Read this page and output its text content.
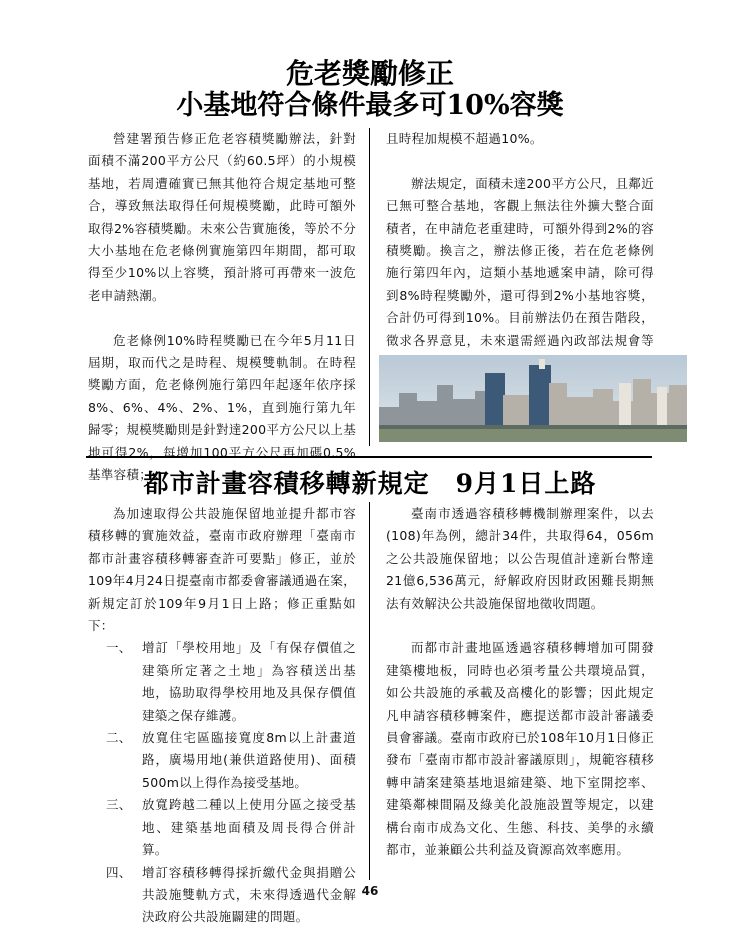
危老獎勵修正
小基地符合條件最多可10%容獎

營建署預告修正危老容積獎勵辦法，針對面積不滿200平方公尺（約60.5坪）的小規模基地，若周遭確實已無其他符合規定基地可整合，導致無法取得任何規模獎勵，此時可額外取得2%容積獎勵。未來公告實施後，等於不分大小基地在危老條例實施第四年期間，都可取得至少10%以上容獎，預計將可再帶來一波危老申請熱潮。

危老條例10%時程獎勵已在今年5月11日屆期，取而代之是時程、規模雙軌制。在時程獎勵方面，危老條例施行第四年起逐年依序採8%、6%、4%、2%、1%，直到施行第九年歸零；規模獎勵則是針對達200平方公尺以上基地可得2%，每增加100平方公尺再加碼0.5%基準容積；

且時程加規模不超過10%。

辦法規定，面積未達200平方公尺，且鄰近已無可整合基地，客觀上無法往外擴大整合面積者，在申請危老重建時，可額外得到2%的容積獎勵。換言之，辦法修正後，若在危老條例施行第四年內，這類小基地遞案申請，除可得到8%時程獎勵外，還可得到2%小基地容獎，合計仍可得到10%。目前辦法仍在預告階段，徵求各界意見，未來還需經過內政部法規會等

都市計畫容積移轉新規定　9月1日上路

為加速取得公共設施保留地並提升都市容積移轉的實施效益，臺南市政府辦理「臺南市都市計畫容積移轉審查許可要點」修正，並於109年4月24日提臺南市都委會審議通過在案，新規定訂於109年9月1日上路；修正重點如下：

一、 增訂「學校用地」及「有保存價值之建築所定著之土地」為容積送出基地，協助取得學校用地及具保存價值建築之保存維護。
二、 放寬住宅區臨接寬度8m以上計畫道路，廣場用地(兼供道路使用)、面積500m以上得作為接受基地。
三、 放寬跨越二種以上使用分區之接受基地、建築基地面積及周長得合併計算。
四、 增訂容積移轉得採折繳代金與捐贈公共設施雙軌方式，未來得透過代金解決政府公共設施闢建的問題。

臺南市透過容積移轉機制辦理案件，以去(108)年為例，總計34件，共取得64，056m之公共設施保留地；以公告現值計達新台幣達21億6,536萬元，紓解政府因財政困難長期無法有效解決公共設施保留地徵收問題。

而都市計畫地區透過容積移轉增加可開發建築樓地板，同時也必須考量公共環境品質，如公共設施的承載及高樓化的影響；因此規定凡申請容積移轉案件，應提送都市設計審議委員會審議。臺南市政府已於108年10月1日修正發布「臺南市都市設計審議原則」，規範容積移轉申請案建築基地退縮建築、地下室開挖率、建築鄰棟間隔及綠美化設施設置等規定，以建構台南市成為文化、生態、科技、美學的永續都市，並兼顧公共利益及資源高效率應用。

46
